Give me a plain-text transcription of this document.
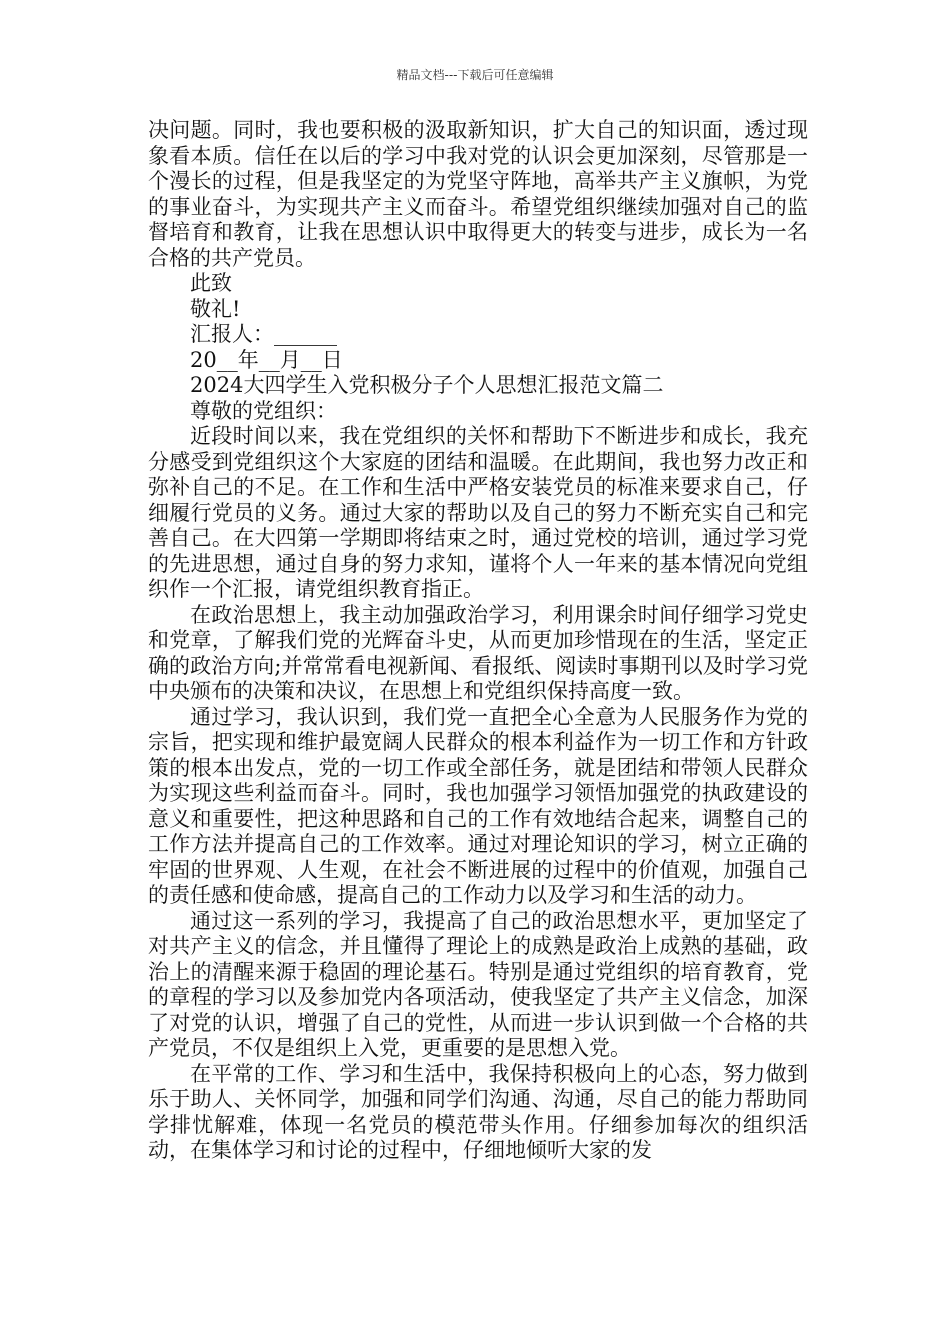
精品文档---下载后可任意编辑

决问题。同时，我也要积极的汲取新知识，扩大自己的知识面，透过现象看本质。信任在以后的学习中我对党的认识会更加深刻，尽管那是一个漫长的过程，但是我坚定的为党坚守阵地，高举共产主义旗帜，为党的事业奋斗，为实现共产主义而奋斗。希望党组织继续加强对自己的监督培育和教育，让我在思想认识中取得更大的转变与进步，成长为一名合格的共产党员。

此致

敬礼!

汇报人：______

20__年__月__日

2024大四学生入党积极分子个人思想汇报范文篇二

尊敬的党组织：

近段时间以来，我在党组织的关怀和帮助下不断进步和成长，我充分感受到党组织这个大家庭的团结和温暖。在此期间，我也努力改正和弥补自己的不足。在工作和生活中严格安装党员的标准来要求自己，仔细履行党员的义务。通过大家的帮助以及自己的努力不断充实自己和完善自己。在大四第一学期即将结束之时，通过党校的培训，通过学习党的先进思想，通过自身的努力求知，谨将个人一年来的基本情况向党组织作一个汇报，请党组织教育指正。

在政治思想上，我主动加强政治学习，利用课余时间仔细学习党史和党章，了解我们党的光辉奋斗史，从而更加珍惜现在的生活，坚定正确的政治方向;并常常看电视新闻、看报纸、阅读时事期刊以及时学习党中央颁布的决策和决议，在思想上和党组织保持高度一致。

通过学习，我认识到，我们党一直把全心全意为人民服务作为党的宗旨，把实现和维护最宽阔人民群众的根本利益作为一切工作和方针政策的根本出发点，党的一切工作或全部任务，就是团结和带领人民群众为实现这些利益而奋斗。同时，我也加强学习领悟加强党的执政建设的意义和重要性，把这种思路和自己的工作有效地结合起来，调整自己的工作方法并提高自己的工作效率。通过对理论知识的学习，树立正确的牢固的世界观、人生观，在社会不断进展的过程中的价值观，加强自己的责任感和使命感，提高自己的工作动力以及学习和生活的动力。

通过这一系列的学习，我提高了自己的政治思想水平，更加坚定了对共产主义的信念，并且懂得了理论上的成熟是政治上成熟的基础，政治上的清醒来源于稳固的理论基石。特别是通过党组织的培育教育，党的章程的学习以及参加党内各项活动，使我坚定了共产主义信念，加深了对党的认识，增强了自己的党性，从而进一步认识到做一个合格的共产党员，不仅是组织上入党，更重要的是思想入党。

在平常的工作、学习和生活中，我保持积极向上的心态，努力做到乐于助人、关怀同学，加强和同学们沟通、沟通，尽自己的能力帮助同学排忧解难，体现一名党员的模范带头作用。仔细参加每次的组织活动，在集体学习和讨论的过程中，仔细地倾听大家的发
